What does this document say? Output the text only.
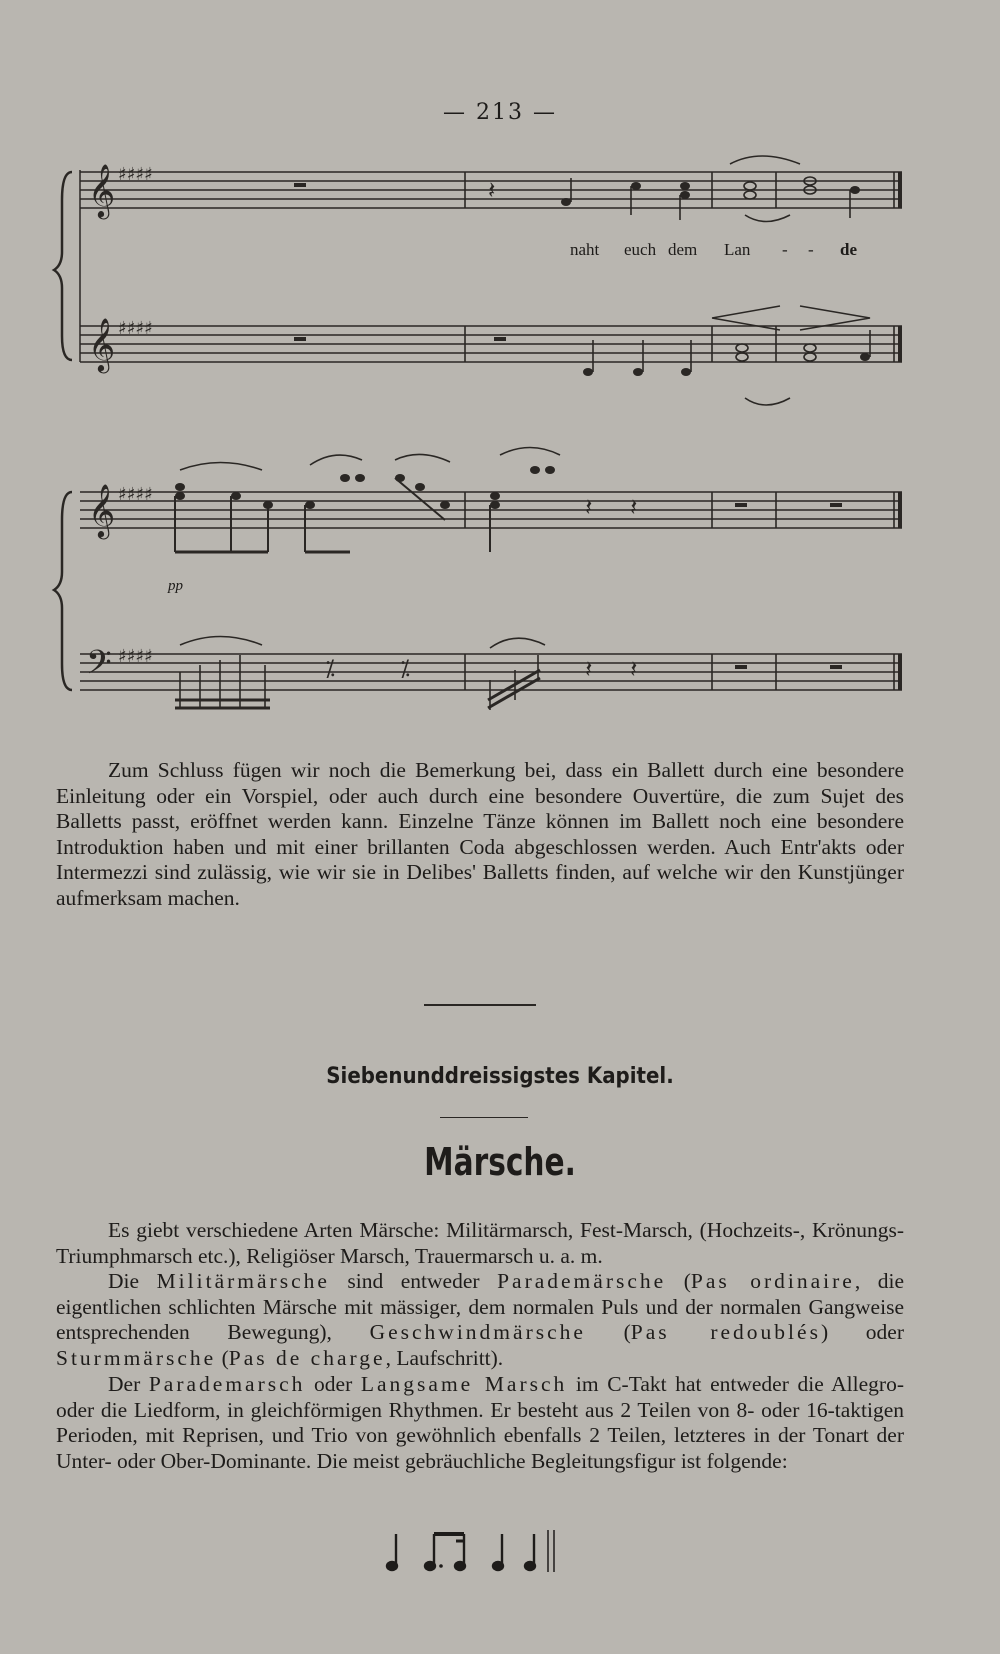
— 213 —
𝄞 ♯♯♯♯
𝄽
𝄞 ♯♯♯♯
𝄞 ♯♯♯♯	𝄽 𝄽
𝄢 ♯♯♯♯
⁒	⁒	𝄽 𝄽
naht euch dem Lan - - de
pp

Zum Schluss fügen wir noch die Bemerkung bei, dass ein Ballett durch eine besondere Einleitung oder ein Vorspiel, oder auch durch eine besondere Ouvertüre, die zum Sujet des Balletts passt, eröffnet werden kann. Einzelne Tänze können im Ballett noch eine besondere Introduktion haben und mit einer brillanten Coda abgeschlossen werden. Auch Entr'akts oder Intermezzi sind zulässig, wie wir sie in Delibes' Balletts finden, auf welche wir den Kunstjünger aufmerksam machen.

Siebenunddreissigstes Kapitel.
Märsche.

Es giebt verschiedene Arten Märsche: Militärmarsch, Fest-Marsch, (Hochzeits-, Krönungs- Triumphmarsch etc.), Religiöser Marsch, Trauermarsch u. a. m.

Die Militärmärsche sind entweder Parademärsche (Pas ordinaire, die eigentlichen schlichten Märsche mit mässiger, dem normalen Puls und der normalen Gangweise entsprechenden Bewegung), Geschwindmärsche (Pas redoublés) oder Sturmmärsche (Pas de charge, Laufschritt).

Der Parademarsch oder Langsame Marsch im C-Takt hat entweder die Allegro- oder die Liedform, in gleichförmigen Rhythmen. Er besteht aus 2 Teilen von 8- oder 16-taktigen Perioden, mit Reprisen, und Trio von gewöhnlich ebenfalls 2 Teilen, letzteres in der Tonart der Unter- oder Ober-Dominante. Die meist gebräuchliche Begleitungsfigur ist folgende:
